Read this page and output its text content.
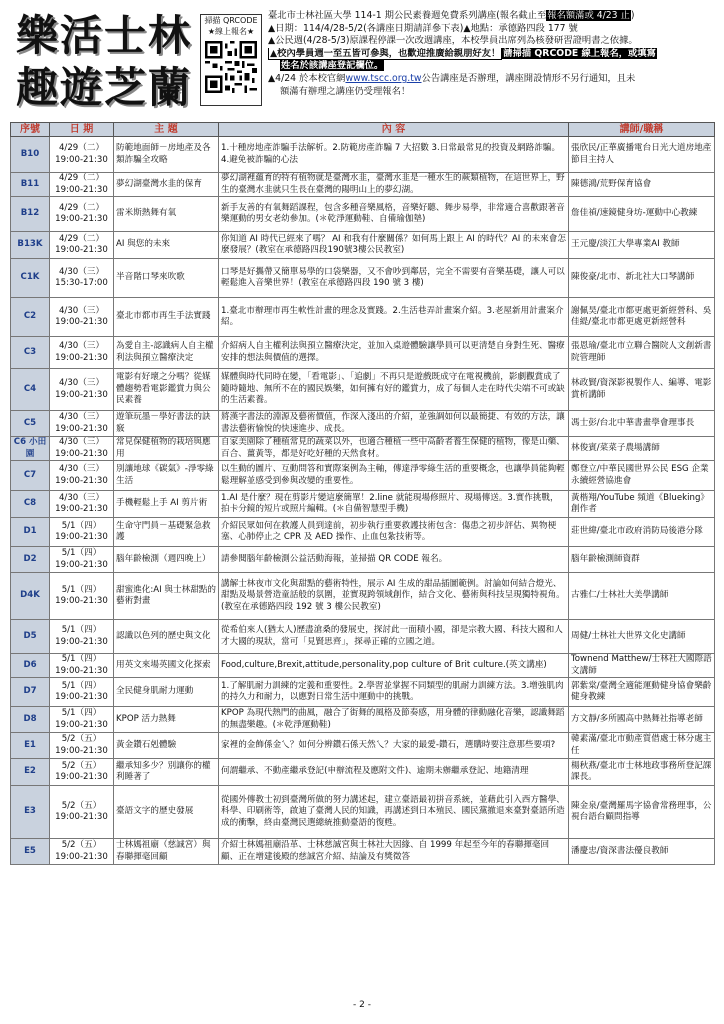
樂活士林
趣遊芝蘭
掃描 QRCODE
★線上報名★

臺北市士林社區大學 114-1 期公民素養週免費系列講座(報名截止至報名額滿或 4/23 止)

▲日期：114/4/28-5/2(各講座日期請詳參下表)▲地點：承德路四段 177 號

▲公民週(4/28-5/3)原課程停課一次改週講座，本校學員出席列為核發研習證明書之依據。

▲校內學員週一至五皆可參與，也歡迎推廣給親朋好友！ 請掃描 QRCODE 線上報名，或填寫

姓名於該講座登記欄位。

▲4/24 於本校官網www.tscc.org.tw公告講座是否辦理，講座開設情形不另行通知，且未

額滿有辦理之講座仍受理報名！

序號	日 期	主 題	內 容	講師/職稱
B10	4/29（二）
19:00-21:30	防範地面師－房地產及各類詐騙全攻略	1.十種房地產詐騙手法解析。2.防範房產詐騙 7 大招數 3.日常最常見的投資及網路詐騙。4.避免被詐騙的心法	張欣民/正華廣播電台日光大道房地產節目主持人
B11	4/29（二）
19:00-21:30	夢幻湖臺灣水韭的保育	夢幻湖裡蘊育的特有植物就是臺灣水韭，臺灣水韭是一種水生的蕨類植物，在這世界上，野生的臺灣水韭就只生長在臺灣的陽明山上的夢幻湖。	陳德鴻/荒野保育協會
B12	4/29（二）
19:00-21:30	雷米斯熱舞有氧	新手友善的有氧舞蹈課程，包含多種音樂風格，音樂好聽、舞步易學，非常適合喜歡跟著音樂運動的男女老幼參加。(＊乾淨運動鞋、自備瑜伽墊)	詹佳禎/速鏡健身坊-運動中心教練
B13K	4/29（二）
19:00-21:30	AI 與您的未來	你知道 AI 時代已經來了嗎？ AI 和我有什麼關係？如何馬上跟上 AI 的時代？AI 的未來會怎麼發展？(教室在承德路四段190號3樓公民教室)	王元慶/淡江大學專業AI 教師
C1K	4/30（三）
15:30-17:00	半音階口琴來吹歌	口琴是好攜帶又簡單易學的口袋樂器，又不會吵到鄰居，完全不需要有音樂基礎，讓人可以輕鬆進入音樂世界！(教室在承德路四段 190 號 3 樓)	陳俊豪/北市、新北社大口琴講師
C2	4/30（三）
19:00-21:30	臺北市都市再生手法實踐	1.臺北市辦理市再生軟性計畫的理念及實踐。2.生活巷弄計畫案介紹。3.老屋新用計畫案介紹。	謝佩昊/臺北市都更處更新經營科、吳佳緹/臺北市都更處更新經營科
C3	4/30（三）
19:00-21:30	為愛自主-認識病人自主權利法與預立醫療決定	介紹病人自主權利法與預立醫療決定，並加入桌遊體驗讓學員可以更清楚自身對生死、醫療安排的想法與價值的選擇。	張恩瑜/臺北市立聯合醫院人文創新書院管理師
C4	4/30（三）
19:00-21:30	電影有好壞之分嗎？從媒體趨勢看電影鑑賞力與公民素養	媒體與時代同時在變，「看電影」、「追劇」不再只是遊戲既成守在電視機前，影劇觀賞成了隨時隨地、無所不在的國民娛樂，如何擁有好的鑑賞力，成了每個人走在時代尖端不可或缺的生活素養。	林政賢/資深影視製作人、編導、電影賞析講師
C5	4/30（三）
19:00-21:30	遊筆玩墨－學好書法的訣竅	將漢字書法的淵源及藝術價值，作深入淺出的介紹，並強調如何以最簡捷、有效的方法，讓書法藝術愉悅的快速進步、成長。	馮士彭/台北中華書畫學會理事長
C6 小田園	4/30（三）
19:00-21:30	常見保健植物的栽培與應用	自家美園除了種植常見的蔬菜以外，也適合種植一些中高齡者養生保健的植物，像是山藥、百合、薑黃等，都是好吃好種的天然食材。	林俊賓/菜菜子農場講師
C7	4/30（三）
19:00-21:30	別讓地球《碳氣》-淨零綠生活	以生動的圖片、互動問答和實際案例為主軸，傳達淨零綠生活的重要概念，也讓學員能夠輕鬆理解並感受到參與改變的重要性。	鄭登立/中華民國世界公民 ESG 企業永續經營協進會
C8	4/30（三）
19:00-21:30	手機輕鬆上手 AI 剪片術	1.AI 是什麼？現在剪影片變這麼簡單！2.line 就能現場修照片、現場傳送。3.實作挑戰，拍卡分鏡的短片或照片編輯。(＊自備智慧型手機)	黃楷翔/YouTube 頻道《Blueking》創作者
D1	5/1（四）
19:00-21:30	生命守門員－基礎緊急救護	介紹民眾如何在救護人員到達前，初步執行重要救護技術包含：傷患之初步評估、異物梗塞、心肺停止之 CPR 及 AED 操作、止血包紮技術等。	莊世緯/臺北市政府消防局後港分隊
D2	5/1（四）
19:00-21:30	腦年齡檢測（週四晚上）	請參閱腦年齡檢測公益活動海報，並掃描 QR CODE 報名。	腦年齡檢測師資群
D4K	5/1（四）
19:00-21:30	甜蜜進化:AI 與士林甜點的藝術對畫	講解士林夜市文化與甜點的藝術特性，展示 AI 生成的甜品插圖範例。討論如何結合燈光、甜點及場景營造童話般的氛圍，並實現跨領域創作，結合文化、藝術與科技呈現獨特視角。(教室在承德路四段 192 號 3 樓公民教室)	古雅仁/士林社大美學講師
D5	5/1（四）
19:00-21:30	認識以色列的歷史與文化	從希伯來人(猶太人)歷盡滄桑的發展史，探討此一面積小國，卻是宗教大國、科技大國和人才大國的現狀，當可「見賢思齊」，探尋正確的立國之道。	周健/士林社大世界文化史講師
D6	5/1（四）
19:00-21:30	用英文來場英國文化探索	Food,culture,Brexit,attitude,personality,pop culture of Brit culture.(英文講座)	Townend Matthew/士林社大國際語文講師
D7	5/1（四）
19:00-21:30	全民健身肌耐力運動	1.了解肌耐力訓練的定義和重要性。2.學習並掌握不同類型的肌耐力訓練方法。3.增強肌肉的持久力和耐力，以應對日常生活中運動中的挑戰。	郭紫棠/臺灣全適能運動健身協會樂齡健身教練
D8	5/1（四）
19:00-21:30	KPOP 活力熱舞	KPOP 為現代熱門的曲風，融合了街舞的風格及節奏感，用身體的律動融化音樂，認識舞蹈的無盡樂趣。(＊乾淨運動鞋)	方文靜/多所國高中熱舞社指導老師
E1	5/2（五）
19:00-21:30	黃金鑽石剋體驗	家裡的金飾係金乀？如何分辨鑽石係天然乀？大家的最愛-鑽石，選購時要注意那些要項?	韓素滿/臺北市動產質借處士林分處主任
E2	5/2（五）
19:00-21:30	繼承知多少？別讓你的權利睡著了	何謂繼承、不動產繼承登記(申辦流程及應附文件)、逾期未辦繼承登記、地籍清理	楊秋燕/臺北市士林地政事務所登記課課長。
E3	5/2（五）
19:00-21:30	臺語文字的歷史發展	從國外傳教士初到臺灣所做的努力講述起，建立臺語最初拼音系統，並藉此引入西方醫學、科學、印刷術等，啟迪了臺灣人民的知識，再講述到日本殖民、國民黨撤退來臺對臺語所造成的衝擊，終由臺灣民選總統推動臺語的復甦。	陳金泉/臺灣羅馬字協會常務理事，公視台語台顧問指導
E5	5/2（五）
19:00-21:30	士林媽祖廟（慈誠宮）與春聯揮毫回顧	介紹士林媽祖廟沿革、士林慈誠宮與士林社大因緣、自 1999 年起至今年的春聯揮毫回顧、正在增建後殿的慈誠宮介紹、結論及有獎徵答	潘慶忠/資深書法優良教師
- 2 -
